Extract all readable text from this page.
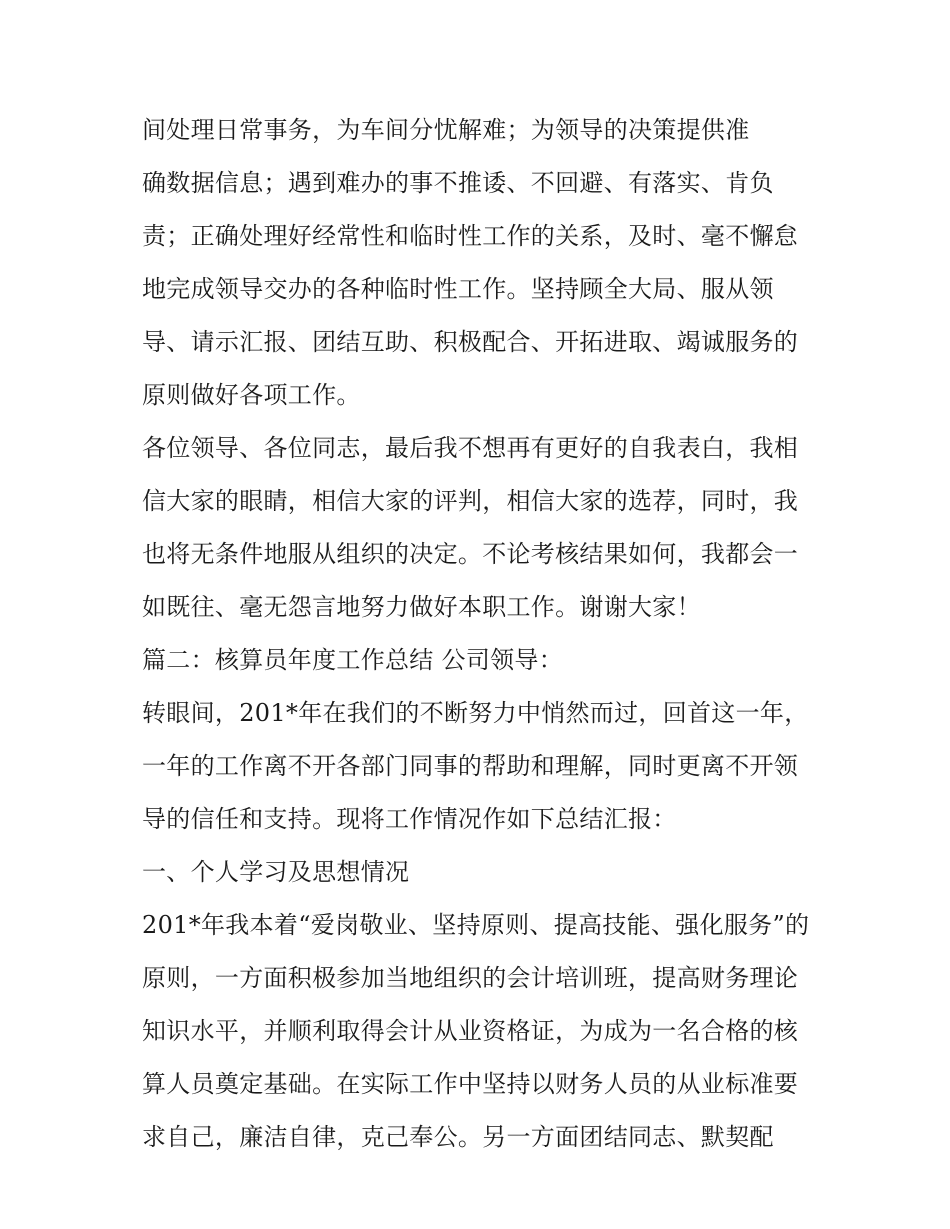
间处理日常事务，为车间分忧解难；为领导的决策提供准
确数据信息；遇到难办的事不推诿、不回避、有落实、肯负
责；正确处理好经常性和临时性工作的关系，及时、毫不懈怠
地完成领导交办的各种临时性工作。坚持顾全大局、服从领
导、请示汇报、团结互助、积极配合、开拓进取、竭诚服务的
原则做好各项工作。
各位领导、各位同志，最后我不想再有更好的自我表白，我相
信大家的眼睛，相信大家的评判，相信大家的选荐，同时，我
也将无条件地服从组织的决定。不论考核结果如何，我都会一
如既往、毫无怨言地努力做好本职工作。谢谢大家！
篇二：核算员年度工作总结 公司领导：
转眼间，201*年在我们的不断努力中悄然而过，回首这一年，
一年的工作离不开各部门同事的帮助和理解，同时更离不开领
导的信任和支持。现将工作情况作如下总结汇报：
一、个人学习及思想情况
201*年我本着“爱岗敬业、坚持原则、提高技能、强化服务”的
原则，一方面积极参加当地组织的会计培训班，提高财务理论
知识水平，并顺利取得会计从业资格证，为成为一名合格的核
算人员奠定基础。在实际工作中坚持以财务人员的从业标准要
求自己，廉洁自律，克己奉公。另一方面团结同志、默契配
